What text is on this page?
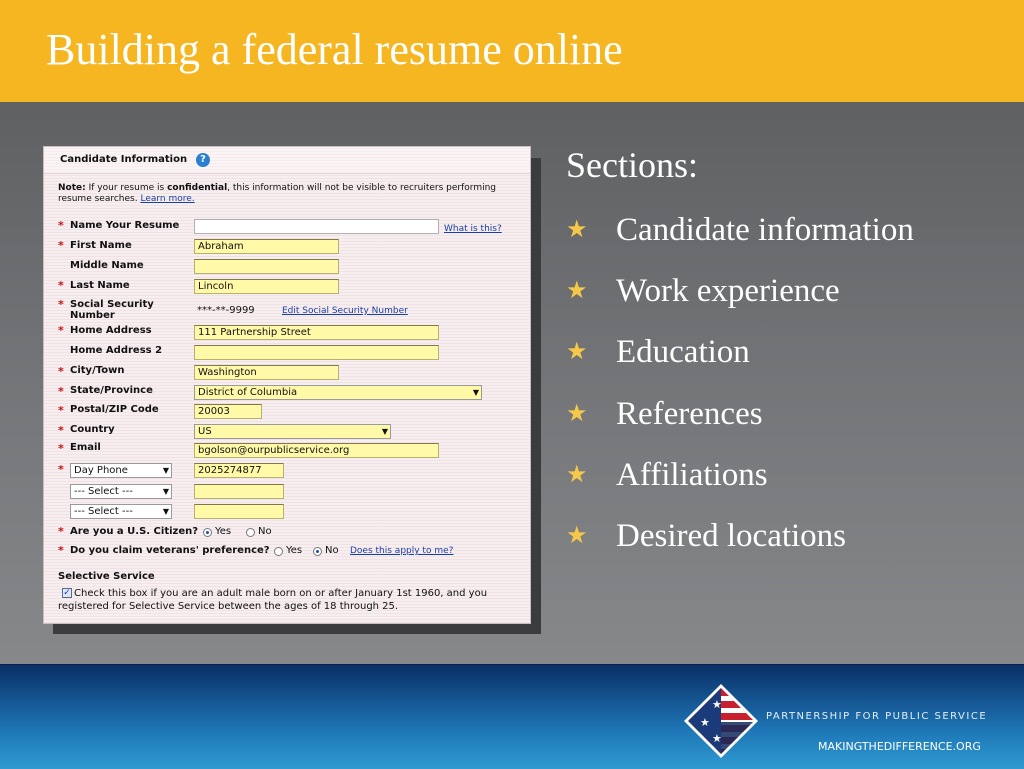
Building a federal resume online
Candidate Information	?
Note: If your resume is confidential, this information will not be visible to recruiters performing resume searches. Learn more.
* Name Your Resume	What is this?
* First Name	Abraham
Middle Name
* Last Name	Lincoln
* Social Security Number	***-**-9999	Edit Social Security Number
* Home Address	111 Partnership Street
Home Address 2
* City/Town	Washington
* State/Province	District of Columbia	▼
* Postal/ZIP Code	20003
* Country	US	▼
* Email	bgolson@ourpublicservice.org
*	Day Phone	▼	2025274877
--- Select ---	▼
--- Select ---	▼
* Are you a U.S. Citizen? Yes	No
* Do you claim veterans' preference? Yes No Does this apply to me?
Selective Service
✓ Check this box if you are an adult male born on or after January 1st 1960, and you registered for Selective Service between the ages of 18 through 25.
Sections:
★ Candidate information
★ Work experience
★ Education
★ References
★ Affiliations
★ Desired locations
★
★
★
PARTNERSHIP FOR PUBLIC SERVICE
MAKINGTHEDIFFERENCE.ORG
